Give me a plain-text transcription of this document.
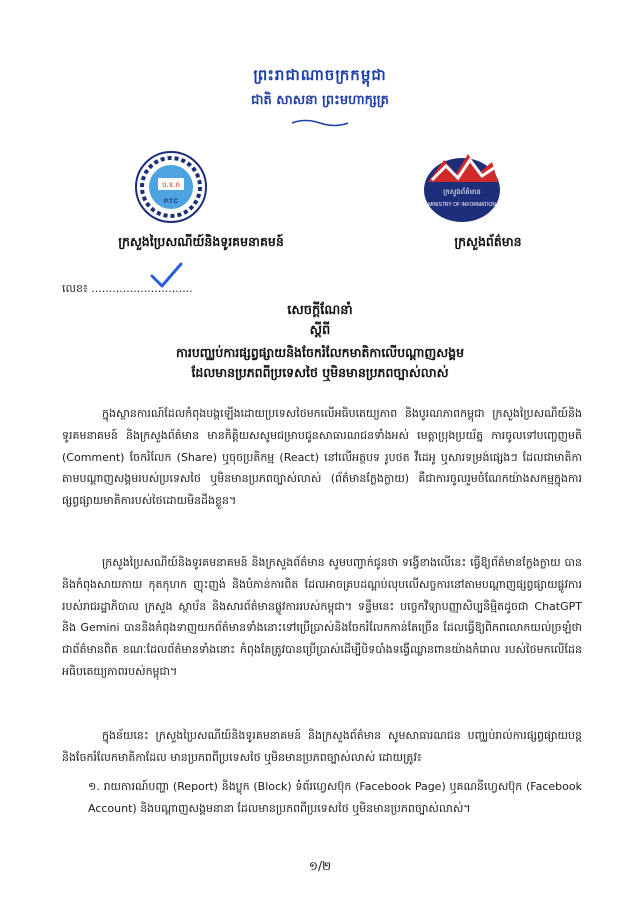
ព្រះរាជាណាចក្រកម្ពុជា
ជាតិ សាសនា ព្រះមហាក្សត្រ
ប.ទ.ក
P.T.C
ក្រសួងព័ត៌មាន
MINISTRY OF INFORMATION
ក្រសួងប្រៃសណីយ៍និងទូរគមនាគមន៍	ក្រសួងព័ត៌មាន
លេខ៖ .............................
សេចក្តីណែនាំ
ស្តីពី
ការបញ្ឈប់ការផ្សព្វផ្សាយនិងចែករំលែកមាតិកាលើបណ្តាញសង្គម
ដែលមានប្រភពពីប្រទេសថៃ ឬមិនមានប្រភពច្បាស់លាស់
ក្នុងស្ថានការណ៍ដែលកំពុងបង្កឡើងដោយប្រទេសថៃមកលើអធិបតេយ្យភាព និងបូរណភាពកម្ពុជា ក្រសួងប្រៃសណីយ៍និងទូរគមនាគមន៍ និងក្រសួងព័ត៌មាន មានកិត្តិយសសូមជម្រាបជូនសាធារណជនទាំងអស់ មេត្តាប្រុងប្រយ័ត្ន ការចូលទៅបញ្ចេញមតិ (Comment) ចែករំលែក (Share) ឬចុចប្រតិកម្ម (React) នៅលើអត្ថបទ រូបថត វីដេអូ ឬសារទម្រង់ផ្សេងៗ ដែលជាមាតិកាតាមបណ្តាញសង្គមរបស់ប្រទេសថៃ ឬមិនមានប្រភពច្បាស់លាស់ (ព័ត៌មានក្លែងក្លាយ) គឺជាការចូលរួមចំណែកយ៉ាងសកម្មក្នុងការផ្សព្វផ្សាយមាតិការបស់ថៃដោយមិនដឹងខ្លួន។
ក្រសួងប្រៃសណីយ៍និងទូរគមនាគមន៍ និងក្រសួងព័ត៌មាន សូមបញ្ជាក់ជូនថា ទង្វើខាងលើនេះ ធ្វើឱ្យព័ត៌មានក្លែងក្លាយ បាននិងកំពុងសាយភាយ កុតកុហក ញុះញង់ និងបំភាន់ការពិត ដែលអាចគ្របដណ្តប់លុបលើសច្ចការនៅតាមបណ្តាញផ្សព្វផ្សាយផ្លូវការរបស់រាជរដ្ឋាភិបាល ក្រសួង ស្ថាប័ន និងសារព័ត៌មានផ្លូវការរបស់កម្ពុជា។ ទន្ទឹមនេះ បច្ចេកវិទ្យាបញ្ញាសិប្បនិម្មិតដូចជា ChatGPT និង Gemini បាននិងកំពុងទាញយកព័ត៌មានទាំងនោះទៅប្រើប្រាស់និងចែករំលែកកាន់តែច្រើន ដែលធ្វើឱ្យពិភពលោកយល់ច្រឡំថា ជាព័ត៌មានពិត ខណៈដែលព័ត៌មានទាំងនោះ កំពុងតែត្រូវបានប្រើប្រាស់ដើម្បីបិទបាំងទង្វើឈ្លានពានយ៉ាងកំរោល របស់ថៃមកលើដែនអធិបតេយ្យភាពរបស់កម្ពុជា។
ក្នុងន័យនេះ ក្រសួងប្រៃសណីយ៍និងទូរគមនាគមន៍ និងក្រសួងព័ត៌មាន សូមសាធារណជន បញ្ឈប់រាល់ការផ្សព្វផ្សាយបន្តនិងចែករំលែកមាតិកាដែល មានប្រភពពីប្រទេសថៃ ឬមិនមានប្រភពច្បាស់លាស់ ដោយត្រូវ៖
១. រាយការណ៍បញ្ហា (Report) និងប្លុក (Block) ទំព័រហ្វេសប៊ុក (Facebook Page) ឬគណនីហ្វេសប៊ុក (Facebook Account) និងបណ្តាញសង្គមនានា ដែលមានប្រភពពីប្រទេសថៃ ឬមិនមានប្រភពច្បាស់លាស់។
១/២
